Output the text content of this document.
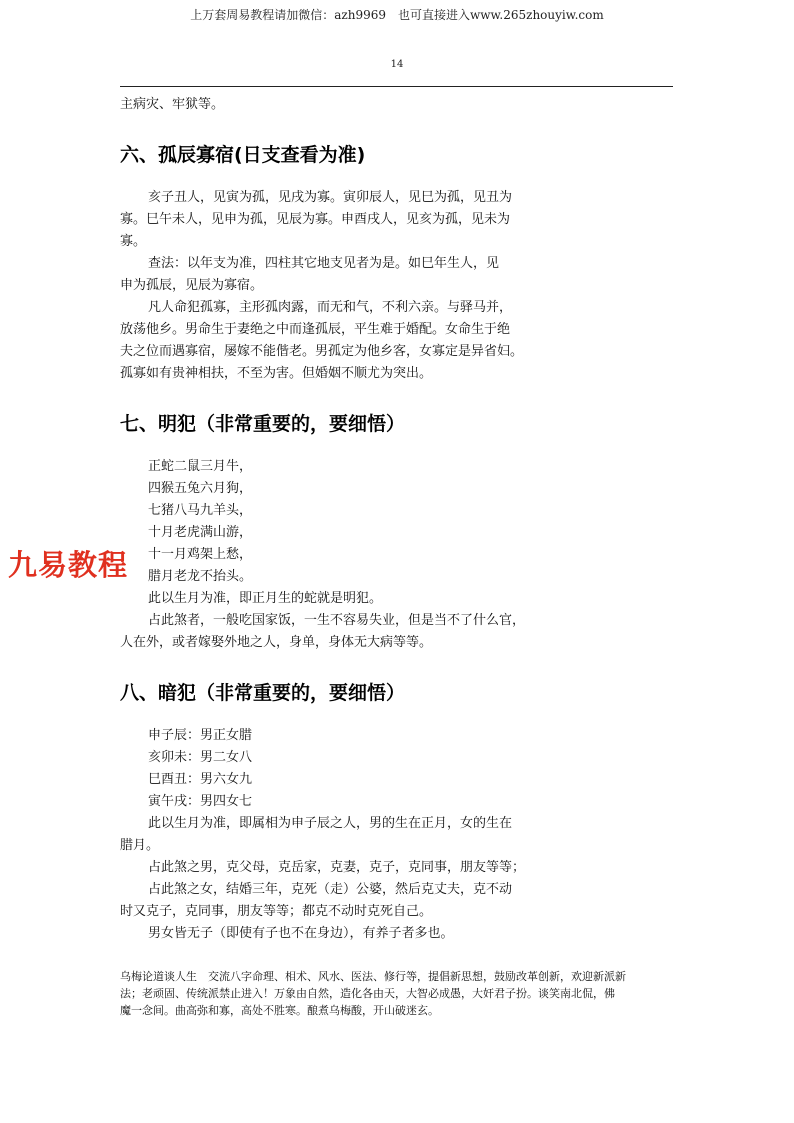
上万套周易教程请加微信：azh9969　也可直接进入www.265zhouyiw.com
14

主病灾、牢狱等。

六、孤辰寡宿(日支查看为准)

亥子丑人，见寅为孤，见戌为寡。寅卯辰人，见巳为孤，见丑为

寡。巳午未人，见申为孤，见辰为寡。申酉戌人，见亥为孤，见未为

寡。

查法：以年支为准，四柱其它地支见者为是。如巳年生人，见

申为孤辰，见辰为寡宿。

凡人命犯孤寡，主形孤肉露，而无和气，不利六亲。与驿马并，

放荡他乡。男命生于妻绝之中而逢孤辰，平生难于婚配。女命生于绝

夫之位而遇寡宿，屡嫁不能偕老。男孤定为他乡客，女寡定是异省妇。

孤寡如有贵神相扶，不至为害。但婚姻不顺尤为突出。

七、明犯（非常重要的，要细悟）

正蛇二鼠三月牛，

四猴五兔六月狗，

七猪八马九羊头，

十月老虎满山游，

十一月鸡架上愁，

腊月老龙不抬头。

此以生月为准，即正月生的蛇就是明犯。

占此煞者，一般吃国家饭，一生不容易失业，但是当不了什么官，

人在外，或者嫁娶外地之人，身单，身体无大病等等。

八、暗犯（非常重要的，要细悟）

申子辰：男正女腊

亥卯未：男二女八

巳酉丑：男六女九

寅午戌：男四女七

此以生月为准，即属相为申子辰之人，男的生在正月，女的生在

腊月。

占此煞之男，克父母，克岳家，克妻，克子，克同事，朋友等等；

占此煞之女，结婚三年，克死（走）公婆，然后克丈夫，克不动

时又克子，克同事，朋友等等；都克不动时克死自己。

男女皆无子（即使有子也不在身边），有养子者多也。

九易教程

乌梅论道谈人生　交流八字命理、相术、风水、医法、修行等，提倡新思想，鼓励改革创新，欢迎新派新

法；老顽固、传统派禁止进入！万象由自然，造化各由天，大智必成愚，大奸君子扮。谈笑南北侃，佛

魔一念间。曲高弥和寡，高处不胜寒。酿煮乌梅酸，开山破迷玄。
